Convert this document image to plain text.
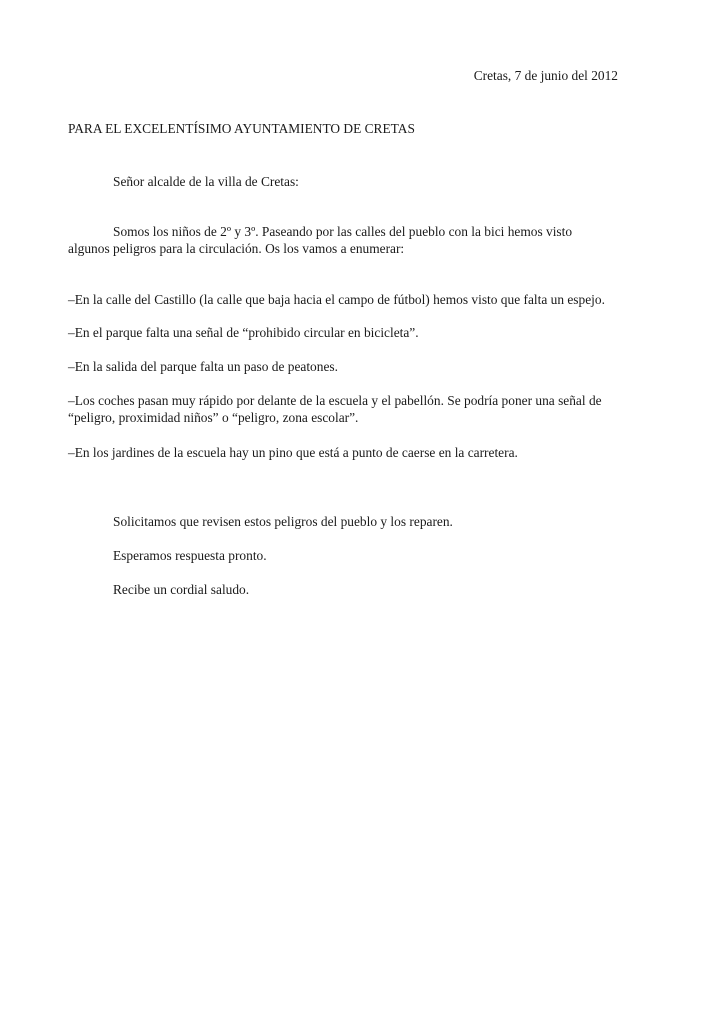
Cretas, 7 de junio del 2012
PARA EL EXCELENTÍSIMO AYUNTAMIENTO DE CRETAS
Señor alcalde de la villa de Cretas:
Somos los niños de 2º y 3º. Paseando por las calles del pueblo con la bici hemos visto
algunos peligros para la circulación. Os los vamos a enumerar:
–En la calle del Castillo (la calle que baja hacia el campo de fútbol) hemos visto que falta un espejo.
–En el parque falta una señal de “prohibido circular en bicicleta”.
–En la salida del parque falta un paso de peatones.
–Los coches pasan muy rápido por delante de la escuela y el pabellón. Se podría poner una señal de
“peligro, proximidad niños” o “peligro, zona escolar”.
–En los jardines de la escuela hay un pino que está a punto de caerse en la carretera.
Solicitamos que revisen estos peligros del pueblo y los reparen.
Esperamos respuesta pronto.
Recibe un cordial saludo.
